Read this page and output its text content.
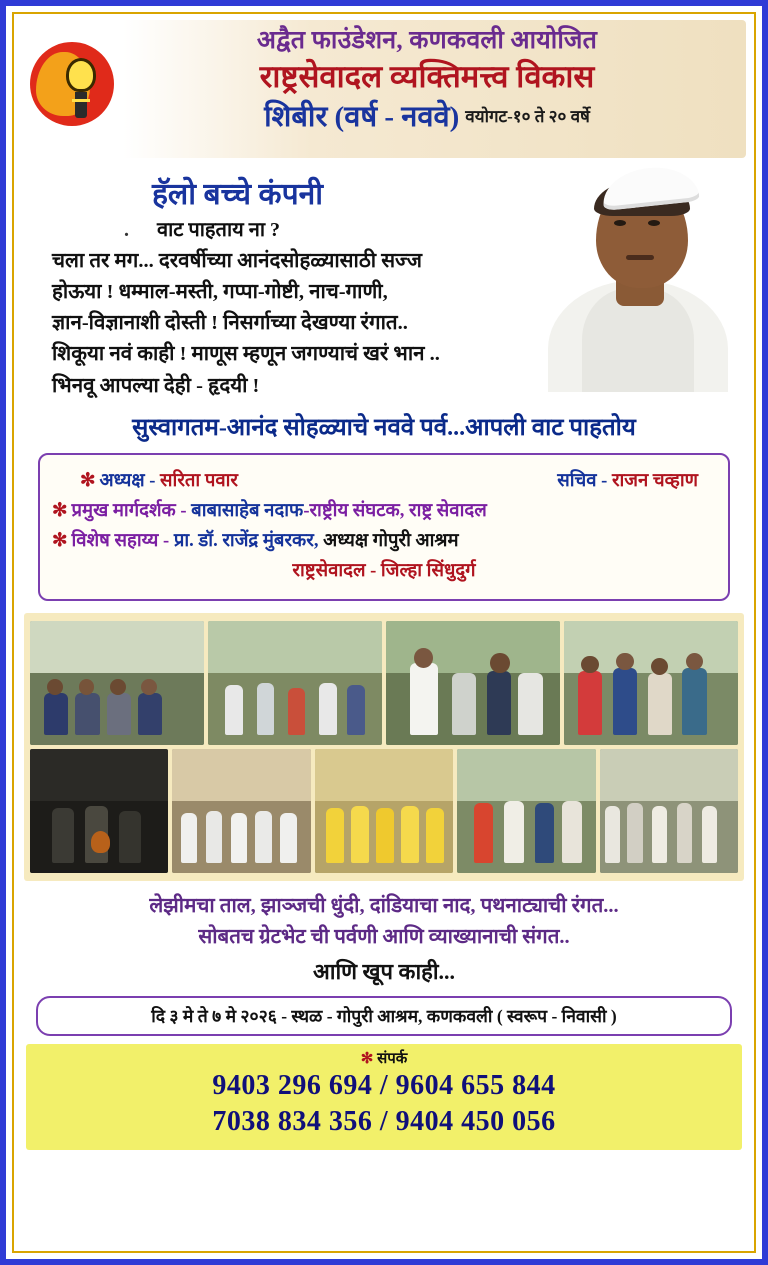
अद्वैत फाउंडेशन, कणकवली आयोजित
राष्ट्रसेवादल व्यक्तिमत्त्व विकास
शिबीर (वर्ष - नववे) वयोगट-१० ते २० वर्षे
हॅलो बच्चे कंपनी
. वाट पाहताय ना ?
चला तर मग... दरवर्षीच्या आनंदसोहळ्यासाठी सज्ज
होऊया ! धम्माल-मस्ती, गप्पा-गोष्टी, नाच-गाणी,
ज्ञान-विज्ञानाशी दोस्ती ! निसर्गाच्या देखण्या रंगात..
शिकूया नवं काही ! माणूस म्हणून जगण्याचं खरं भान ..
भिनवू आपल्या देही - हृदयी !
सुस्वागतम-आनंद सोहळ्याचे नववे पर्व...आपली वाट पाहतोय
✻ अध्यक्ष - सरिता पवार	सचिव - राजन चव्हाण
✻ प्रमुख मार्गदर्शक - बाबासाहेब नदाफ-राष्ट्रीय संघटक, राष्ट्र सेवादल
✻ विशेष सहाय्य - प्रा. डॉ. राजेंद्र मुंबरकर, अध्यक्ष गोपुरी आश्रम
राष्ट्रसेवादल - जिल्हा सिंधुदुर्ग
लेझीमचा ताल, झाञ्जची धुंदी, दांडियाचा नाद, पथनाट्याची रंगत...
सोबतच ग्रेटभेट ची पर्वणी आणि व्याख्यानाची संगत..
आणि खूप काही...
दि ३ मे ते ७ मे २०२६ - स्थळ - गोपुरी आश्रम, कणकवली ( स्वरूप - निवासी )
✻ संपर्क
9403 296 694 / 9604 655 844
7038 834 356 / 9404 450 056
